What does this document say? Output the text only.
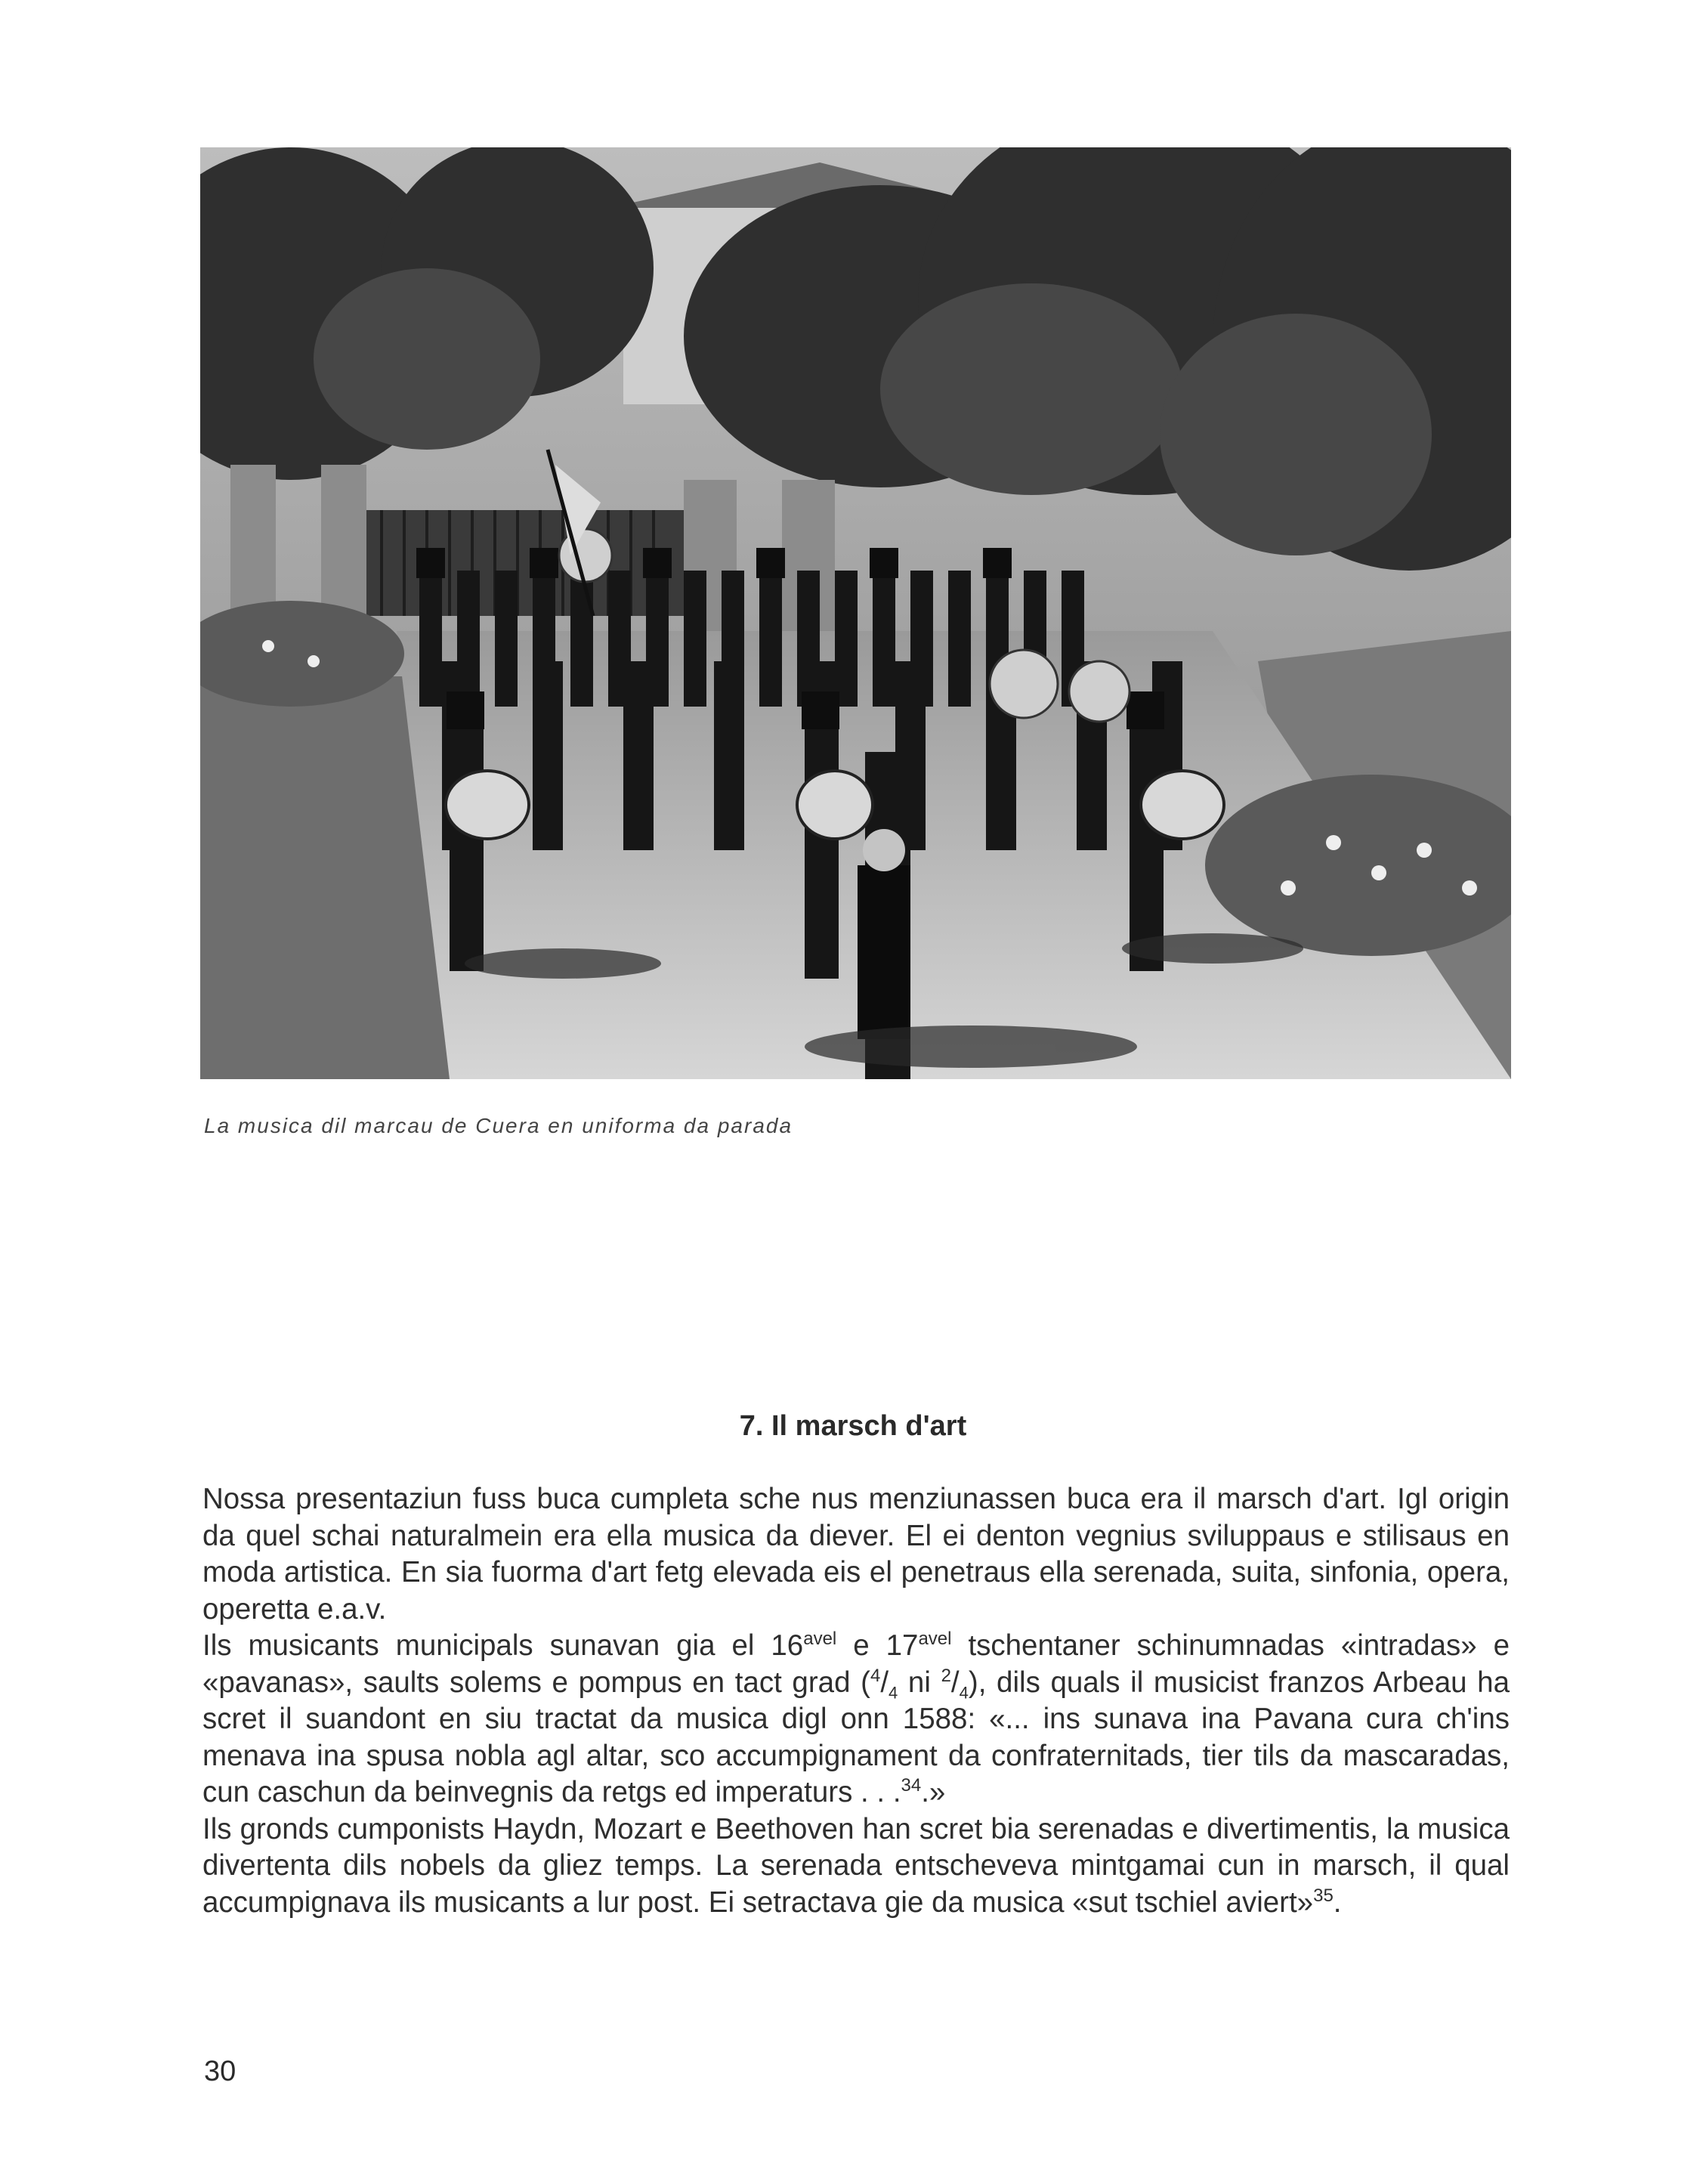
La musica dil marcau de Cuera en uniforma da parada
7. Il marsch d'art

Nossa presentaziun fuss buca cumpleta sche nus menziunassen buca era il marsch d'art. Igl origin da quel schai naturalmein era ella musica da diever. El ei denton vegnius sviluppaus e stilisaus en moda artistica. En sia fuorma d'art fetg elevada eis el penetraus ella serenada, suita, sinfonia, opera, operetta e.a.v.

Ils musicants municipals sunavan gia el $16^{avel}$ e $17^{avel}$ tschentaner schinumnadas «intradas» e «pavanas», saults solems e pompus en tact grad ($^4/_4$ ni $^2/_4$), dils quals il musicist franzos Arbeau ha scret il suandont en siu tractat da musica digl onn 1588: «... ins sunava ina Pavana cura ch'ins menava ina spusa nobla agl altar, sco accumpignament da confraternitads, tier tils da mascaradas, cun caschun da beinvegnis da retgs ed imperaturs . . .$^{34}$.»

Ils gronds cumponists Haydn, Mozart e Beethoven han scret bia serenadas e divertimentis, la musica divertenta dils nobels da gliez temps. La serenada entscheveva mintgamai cun in marsch, il qual accumpignava ils musicants a lur post. Ei setractava gie da musica «sut tschiel aviert»$^{35}$.

30
